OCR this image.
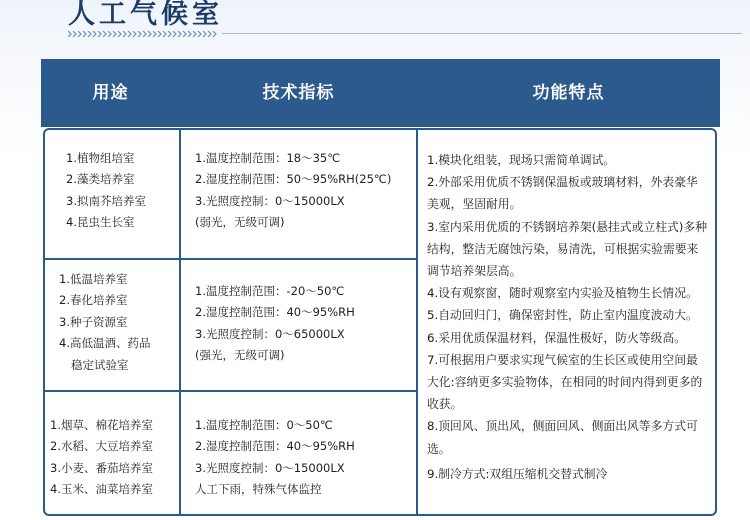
人工气候室
用途	技术指标	功能特点
1.植物组培室
2.藻类培养室
3.拟南芥培养室
4.昆虫生长室
1.温度控制范围：18～35℃
2.湿度控制范围：50～95%RH(25℃)
3.光照度控制：0～15000LX
(弱光，无级可调)
1.低温培养室
2.春化培养室
3.种子资源室
4.高低温酒、药品
稳定试验室
1.温度控制范围：-20～50℃
2.湿度控制范围：40～95%RH
3.光照度控制：0～65000LX
(强光，无级可调)
1.烟草、棉花培养室
2.水稻、大豆培养室
3.小麦、番茄培养室
4.玉米、油菜培养室
1.温度控制范围：0～50℃
2.湿度控制范围：40～95%RH
3.光照度控制：0～15000LX
人工下雨，特殊气体监控
1.模块化组装，现场只需简单调试。
2.外部采用优质不锈钢保温板或玻璃材料，外表豪华美观，坚固耐用。
3.室内采用优质的不锈钢培养架(悬挂式或立柱式)多种结构，整洁无腐蚀污染，易清洗，可根据实验需要来调节培养架层高。
4.设有观察窗，随时观察室内实验及植物生长情况。
5.自动回归门，确保密封性，防止室内温度波动大。
6.采用优质保温材料，保温性极好，防火等级高。
7.可根据用户要求实现气候室的生长区或使用空间最大化:容纳更多实验物体，在相同的时间内得到更多的收获。
8.顶回风、顶出风，侧面回风、侧面出风等多方式可选。
9.制冷方式:双组压缩机交替式制冷
